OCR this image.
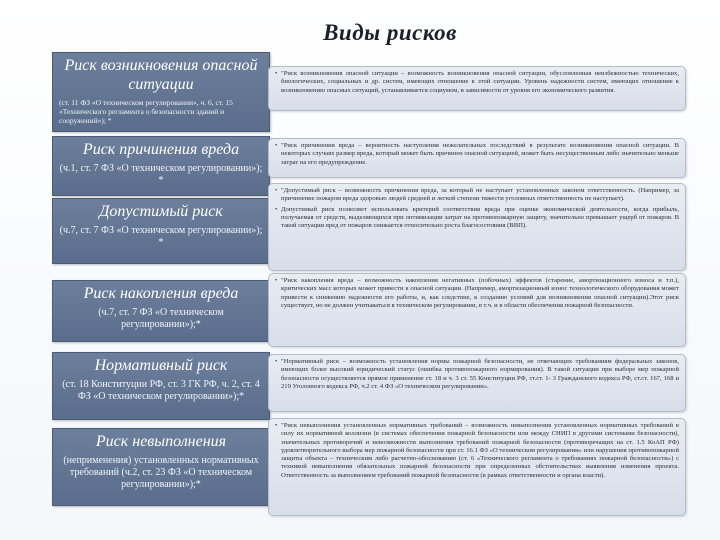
Виды рисков
Риск возникновения опасной ситуации
(ст. 11 ФЗ «О техническом регулировании», ч. 6, ст. 15 «Технического регламента о безопасности зданий и сооружений»); *

• "Риск возникновения опасной ситуации – возможность возникновения опасной ситуации, обусловленная неизбежностью технических, биологических, социальных и др. систем, имеющих отношение к этой ситуации. Уровень надежности систем, имеющих отношение к возникновению опасных ситуаций, устанавливается социумом, в зависимости от уровня его экономического развития.

Риск причинения вреда
(ч.1, ст. 7 ФЗ «О техническом регулировании»); *

• "Риск причинения вреда – вероятность наступления нежелательных последствий в результате возникновения опасной ситуации. В некоторых случаях размер вреда, который может быть причинен опасной ситуацией, может быть несущественным либо значительно меньше затрат на его предупреждение.

Допустимый риск
(ч.7, ст. 7 ФЗ «О техническом регулировании»); *

• "Допустимый риск – возможность причинения вреда, за который не наступает установленных законом ответственность. (Например, за причинение пожаром вреда здоровью людей средней и легкой степени тяжести уголовных ответственность не наступает).

• Допустимый риск позволяет использовать критерий соответствия вреда при оценке экономической деятельности, когда прибыль, получаемая от средств, выделяющихся при оптимизации затрат на противопожарную защиту, значительно превышает ущерб от пожаров. В такой ситуации вред от пожаров снижается относительно роста благосостояния (ВВП).

Риск накопления вреда
(ч.7, ст. 7 ФЗ «О техническом регулировании»);*

• "Риск накопления вреда – возможность накопления негативных (побочных) эффектов (старение, амортизационного износа и т.п.), критических масс которых может привести к опасной ситуации. (Например, амортизационный износ технологического оборудования может привести к снижению надежности его работы, и, как следствие, к созданию условий для возникновения опасной ситуации).Этот риск существует, но не должен учитываться в техническом регулировании, в т.ч. и в области обеспечения пожарной безопасности.

Нормативный риск
(ст. 18 Конституции РФ, ст. 3 ГК РФ, ч. 2, ст. 4 ФЗ «О техническом регулировании»);*

• "Нормативный риск – возможность установления нормы пожарной безопасности, не отвечающих требованиям федеральных законов, имеющих более высокий юридический статус (ошибка противопожарного нормирования). В такой ситуации при выборе мер пожарной безопасности осуществляется прямое применение ст. 18 и ч. 3 ст. 55 Конституции РФ, ст.ст. 1- 3 Гражданского кодекса РФ, ст.ст. 167, 168 и 219 Уголовного кодекса РФ, ч.2 ст. 4 ФЗ «О техническом регулировании».

Риск невыполнения
(неприменения) установленных нормативных требований (ч.2, ст. 23 ФЗ «О техническом регулировании»);*

• "Риск невыполнения установленных нормативных требований – возможность невыполнения установленных нормативных требований в силу их нормативной коллизии (в системах обеспечения пожарной безопасности или между СНИП в другими системами безопасности), значительных противоречий и невозможности выполнения требований пожарной безопасности (противоречащих на ст. 1.5 КоАП РФ) удовлетворительного выбора мер пожарной безопасности при ст. 16.1 ФЗ «О техническом регулировании» или нарушения противопожарной защиты объекта – техническим либо расчетно-обоснованию (ст. 6 «Технического регламента о требованиях пожарной безопасности») с техникой невыполнения обязательных пожарной безопасности при определенных обстоятельствах выявления изменения проекта. Ответственность за выполнением требований пожарной безопасности (в рамках ответственности и органа власти).
